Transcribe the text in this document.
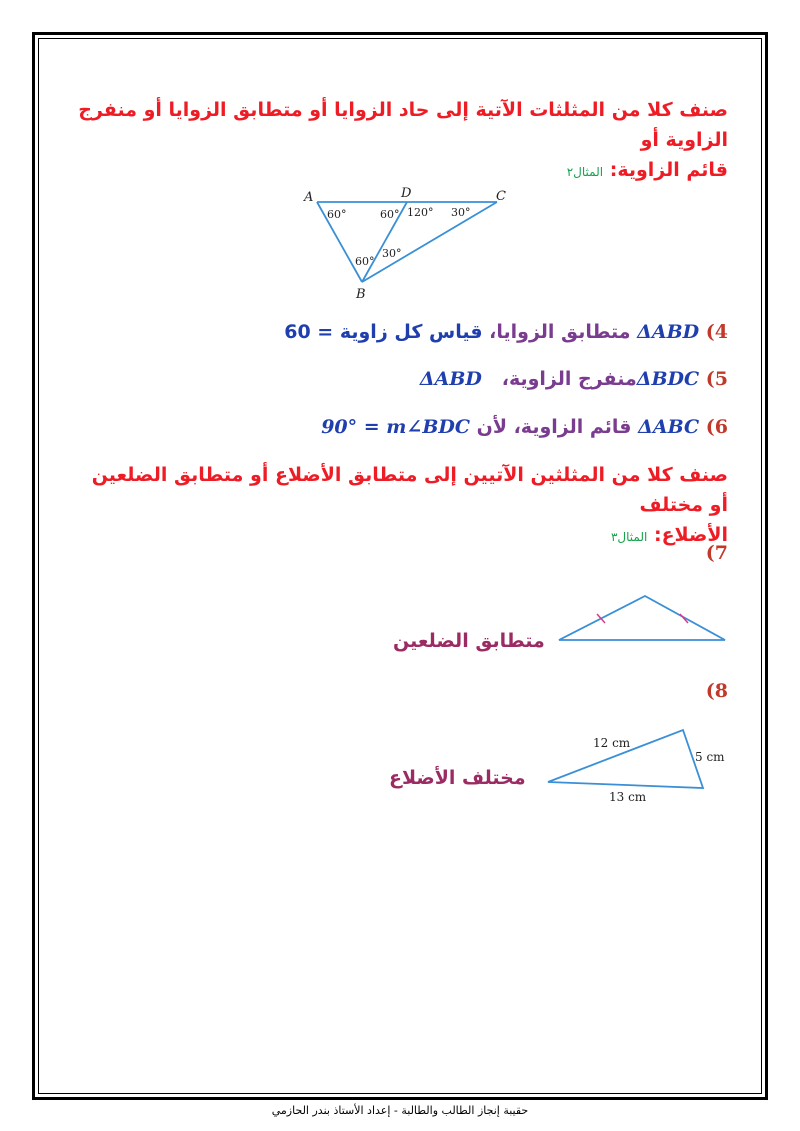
صنف كلا من المثلثات الآتية إلى حاد الزوايا أو متطابق الزوايا أو منفرج الزاوية أو
قائم الزاوية: المثال٢
A	D	C
B
60°	60° 120° 30°
60°
30°
4) ΔABD متطابق الزوايا، قياس كل زاوية = 60
5) ΔBDCمنفرج الزاوية،   ΔABD
6) ΔABC قائم الزاوية، لأن 90° = m∠BDC
صنف كلا من المثلثين الآتيين إلى متطابق الأضلاع أو متطابق الضلعين أو مختلف
الأضلاع: المثال٣
(7
متطابق الضلعين
(8
12 cm
5 cm
13 cm
مختلف الأضلاع
حقيبة إنجاز الطالب والطالبة - إعداد الأستاذ بندر الحازمي
